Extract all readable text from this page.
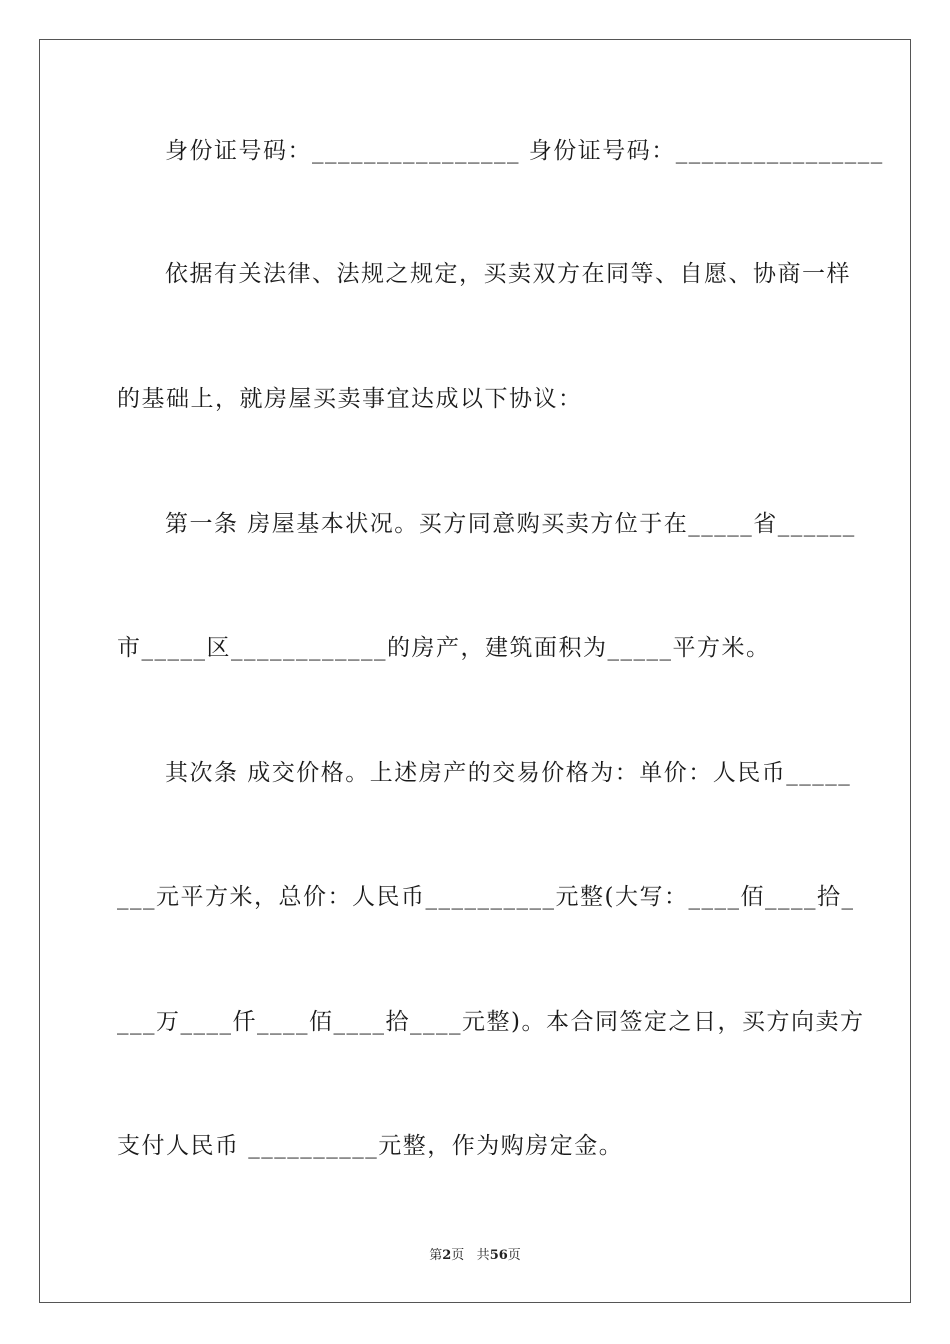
身份证号码：________________ 身份证号码：________________
依据有关法律、法规之规定，买卖双方在同等、自愿、协商一样
的基础上，就房屋买卖事宜达成以下协议：
第一条 房屋基本状况。买方同意购买卖方位于在_____省______
市_____区____________的房产，建筑面积为_____平方米。
其次条 成交价格。上述房产的交易价格为：单价：人民币_____
___元平方米，总价：人民币__________元整(大写：____佰____拾_
___万____仟____佰____拾____元整)。本合同签定之日，买方向卖方
支付人民币 __________元整，作为购房定金。
第2页 共56页
